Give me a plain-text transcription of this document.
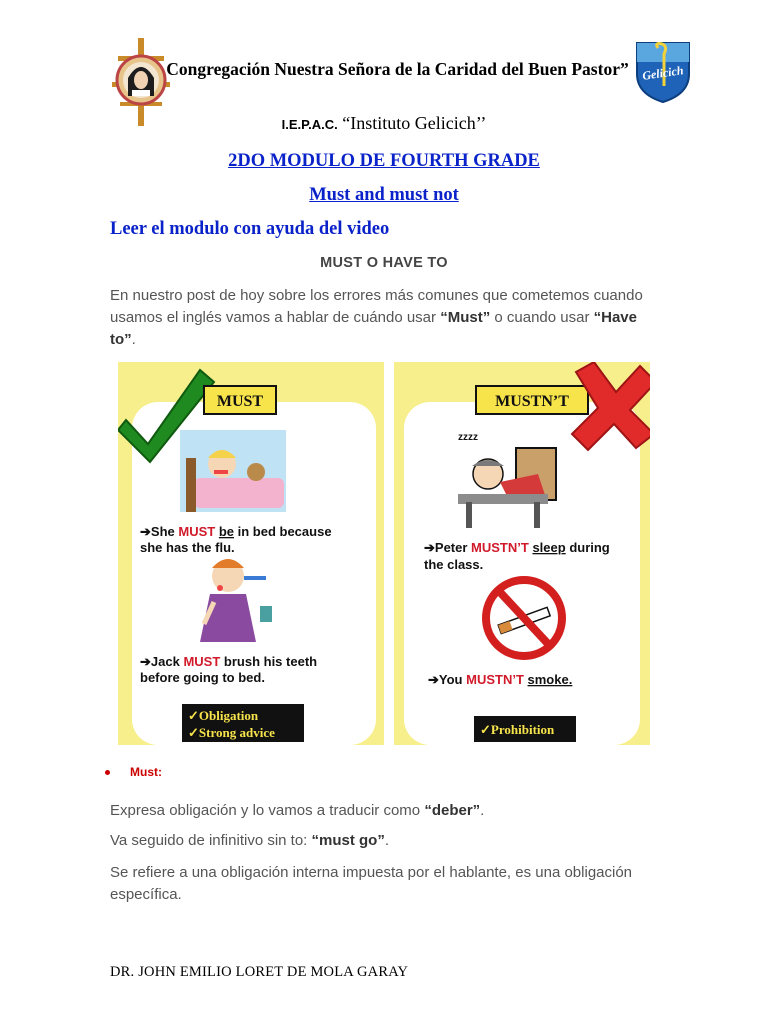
Congregación Nuestra Señora de la Caridad del Buen Pastor”	Gelicich
I.E.P.A.C. “Instituto Gelicich’’
2DO MODULO DE FOURTH GRADE
Must and must not
Leer el modulo con ayuda del video
MUST O HAVE TO
En nuestro post de hoy sobre los errores más comunes que cometemos cuando usamos el inglés vamos a hablar de cuándo usar “Must” o cuando usar “Have to”.
MUST
➔She MUST be in bed because
she has the flu.
➔Jack MUST brush his teeth
before going to bed.
✓Obligation
✓Strong advice
MUSTN’T
zzzz
➔Peter MUSTN’T sleep during
the class.
➔You MUSTN’T smoke.
✓Prohibition
Must:
Expresa obligación y lo vamos a traducir como “deber”.
Va seguido de infinitivo sin to: “must go”.
Se refiere a una obligación interna impuesta por el hablante, es una obligación específica.
DR. JOHN EMILIO LORET DE MOLA GARAY
